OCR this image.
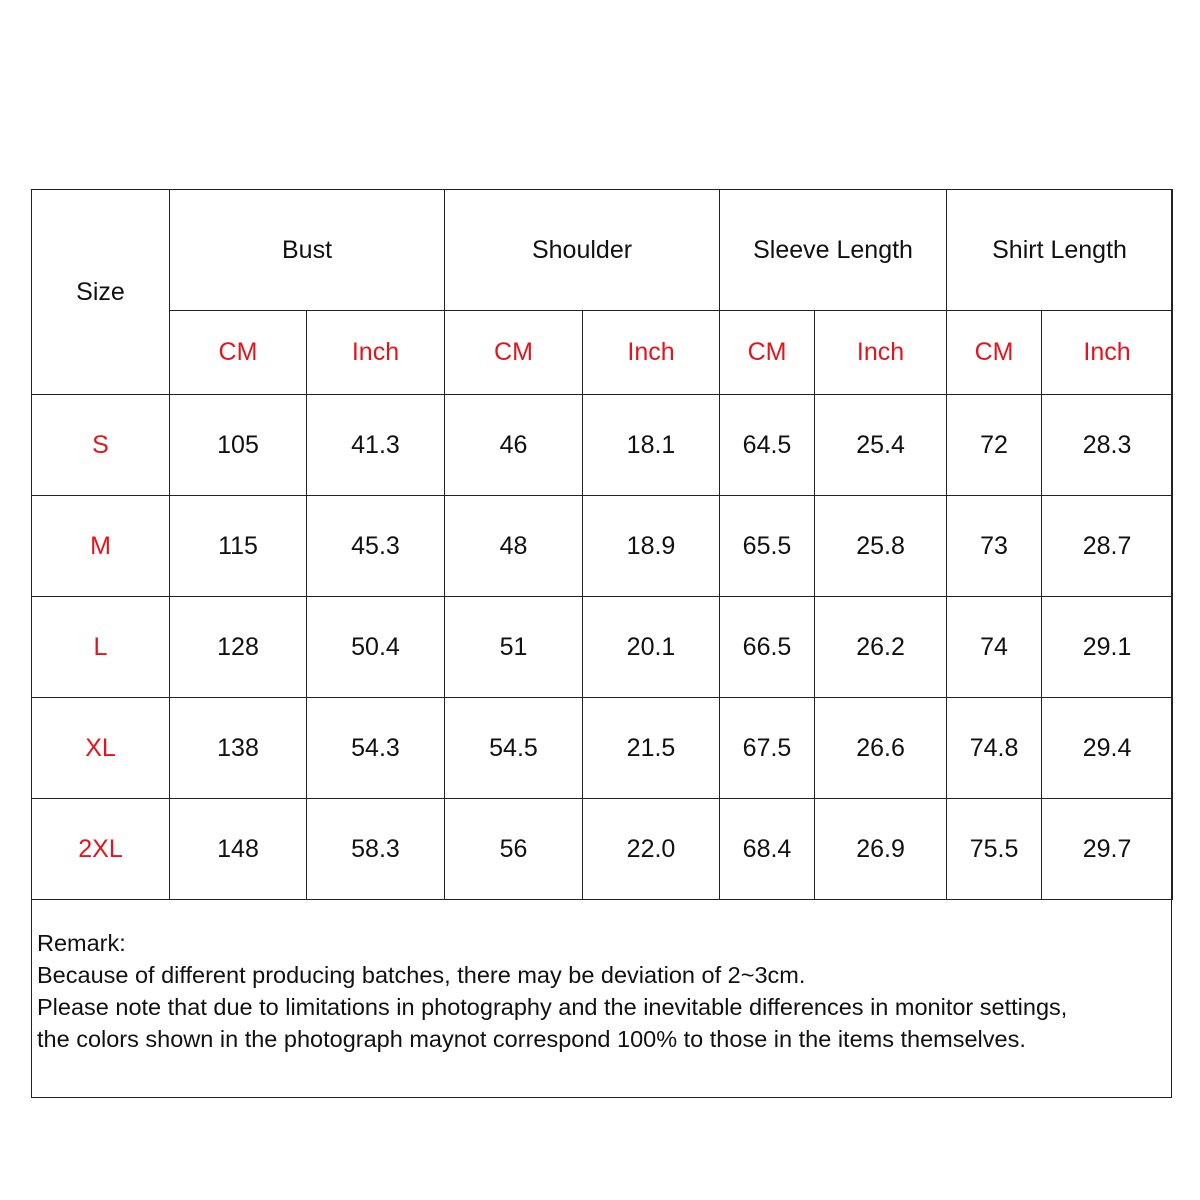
Size	Bust		Shoulder		Sleeve Length		Shirt Length	
	CM	Inch	CM	Inch	CM	Inch	CM	Inch
S	105	41.3	46	18.1	64.5	25.4	72	28.3
M	115	45.3	48	18.9	65.5	25.8	73	28.7
L	128	50.4	51	20.1	66.5	26.2	74	29.1
XL	138	54.3	54.5	21.5	67.5	26.6	74.8	29.4
2XL	148	58.3	56	22.0	68.4	26.9	75.5	29.7
Remark:
Because of different producing batches, there may be deviation of 2~3cm.
Please note that due to limitations in photography and the inevitable differences in monitor settings,
the colors shown in the photograph maynot correspond 100% to those in the items themselves.
